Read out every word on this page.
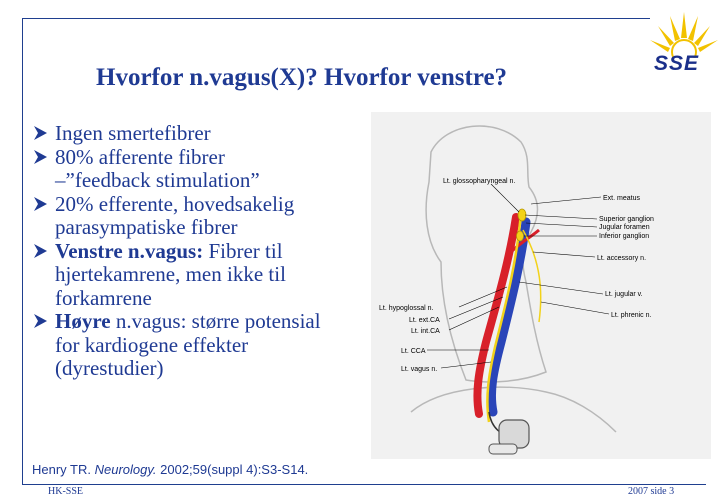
SSE
Hvorfor n.vagus(X)? Hvorfor venstre?
Ingen smertefibrer
80% afferente fibrer
–”feedback stimulation”
20% efferente, hovedsakelig
parasympatiske fibrer
Venstre n.vagus: Fibrer til
hjertekamrene, men ikke til
forkamrene
Høyre n.vagus: større potensial
for kardiogene effekter
(dyrestudier)
Lt. glossopharyngeal n.
Ext. meatus
Superior ganglion
Jugular foramen
Inferior ganglion
Lt. accessory n.
Lt. jugular v.
Lt. hypoglossal n.
Lt. ext.CA
Lt. int.CA
Lt. phrenic n.
Lt. CCA
Lt. vagus n.
Henry TR. Neurology. 2002;59(suppl 4):S3-S14.
HK-SSE	2007 side 3
